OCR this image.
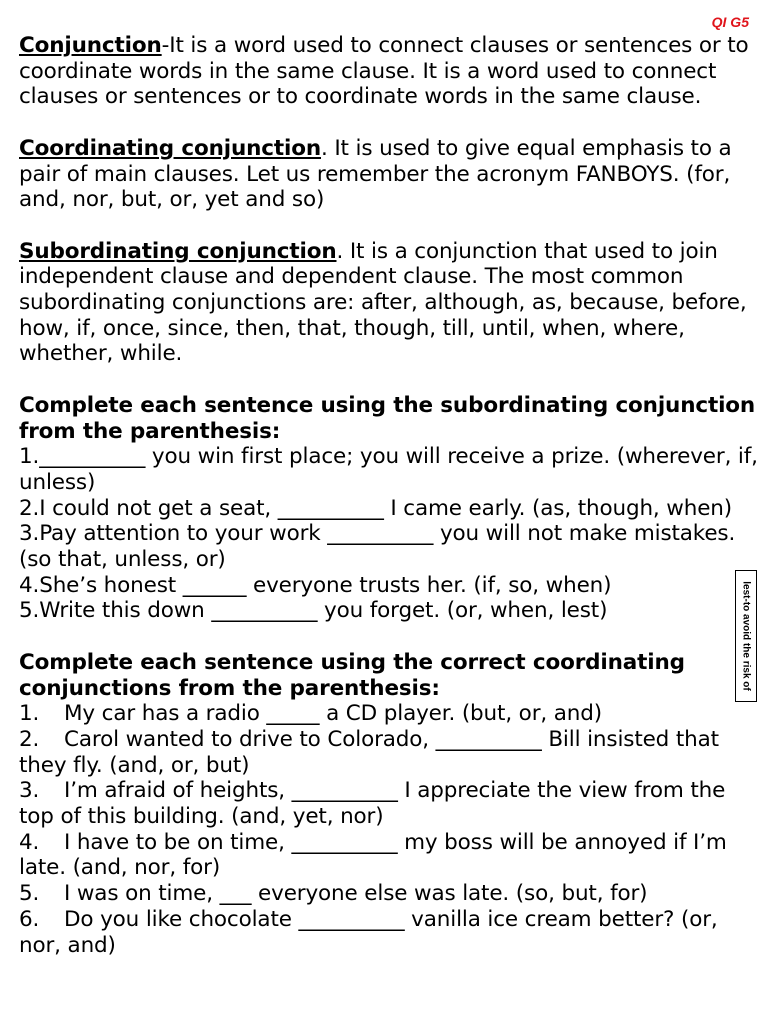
QI G5

Conjunction-It is a word used to connect clauses or sentences or to coordinate words in the same clause. It is a word used to connect clauses or sentences or to coordinate words in the same clause.

Coordinating conjunction. It is used to give equal emphasis to a pair of main clauses. Let us remember the acronym FANBOYS. (for, and, nor, but, or, yet and so)

Subordinating conjunction. It is a conjunction that used to join independent clause and dependent clause. The most common subordinating conjunctions are: after, although, as, because, before, how, if, once, since, then, that, though, till, until, when, where, whether, while.

Complete each sentence using the subordinating conjunction from the parenthesis:

1.__________ you win first place; you will receive a prize. (wherever, if, unless)

2.I could not get a seat, __________ I came early. (as, though, when)

3.Pay attention to your work __________ you will not make mistakes. (so that, unless, or)

4.She’s honest ______ everyone trusts her. (if, so, when)

5.Write this down __________ you forget. (or, when, lest)

Complete each sentence using the correct coordinating conjunctions from the parenthesis:

1. My car has a radio _____ a CD player. (but, or, and)

2. Carol wanted to drive to Colorado, __________ Bill insisted that they fly. (and, or, but)

3. I’m afraid of heights, __________ I appreciate the view from the top of this building. (and, yet, nor)

4. I have to be on time, __________ my boss will be annoyed if I’m late. (and, nor, for)

5. I was on time, ___ everyone else was late. (so, but, for)

6. Do you like chocolate __________ vanilla ice cream better? (or, nor, and)

lest-to avoid the risk of
